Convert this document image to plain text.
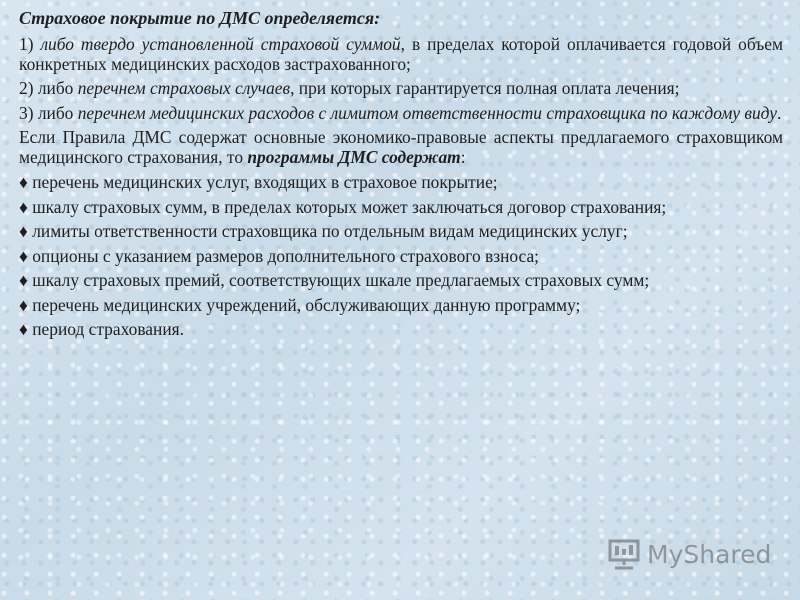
Страховое покрытие по ДМС определяется:
1) либо твердо установленной страховой суммой, в пределах которой оплачивается годовой объем конкретных медицинских расходов застрахованного;
2) либо перечнем страховых случаев, при которых гарантируется полная оплата лечения;
3) либо перечнем медицинских расходов с лимитом ответственности страховщика по каждому виду.
Если Правила ДМС содержат основные экономико-правовые аспекты предлагаемого страховщиком медицинского страхования, то программы ДМС содержат:
♦ перечень медицинских услуг, входящих в страховое покрытие;
♦ шкалу страховых сумм, в пределах которых может заключаться договор страхования;
♦ лимиты ответственности страховщика по отдельным видам медицинских услуг;
♦ опционы с указанием размеров дополнительного страхового взноса;
♦ шкалу страховых премий, соответствующих шкале предлагаемых страховых сумм;
♦ перечень медицинских учреждений, обслуживающих данную программу;
♦ период страхования.
MyShared
